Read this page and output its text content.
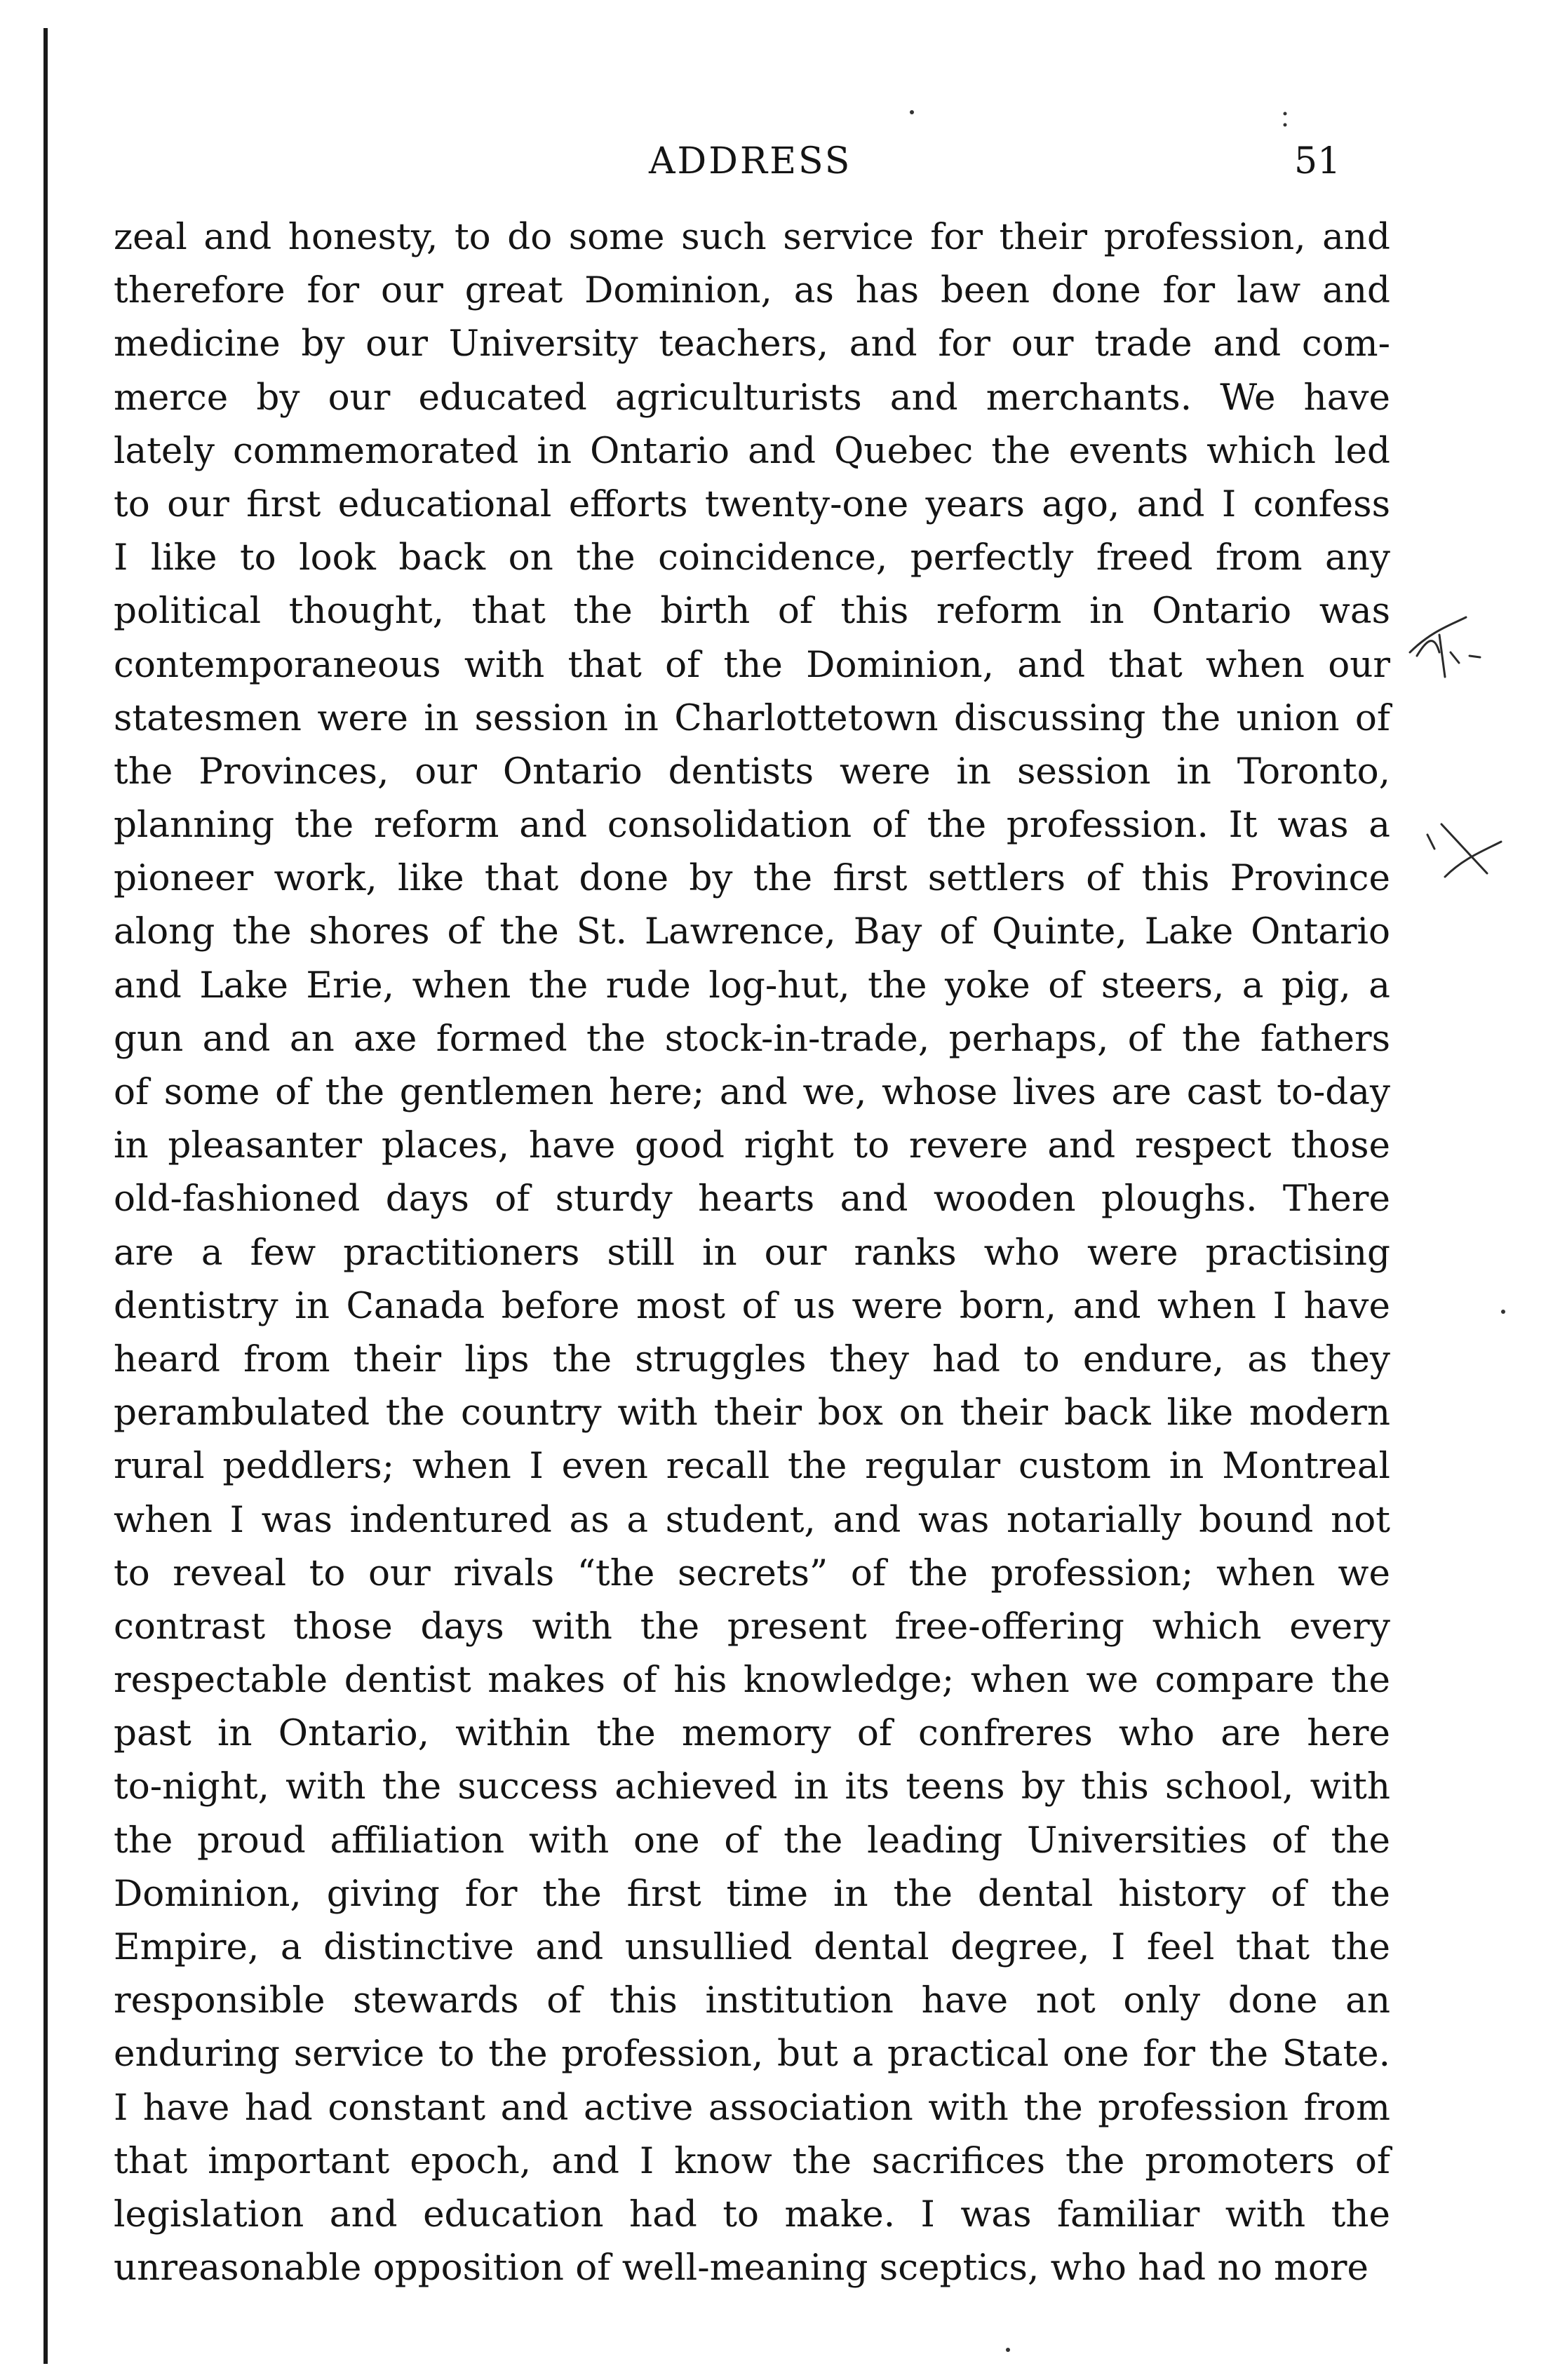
ADDRESS	51
zeal and honesty, to do some such service for their profession, and
therefore for our great Dominion, as has been done for law and
medicine by our University teachers, and for our trade and com-
merce by our educated agriculturists and merchants. We have
lately commemorated in Ontario and Quebec the events which led
to our first educational efforts twenty-one years ago, and I confess
I like to look back on the coincidence, perfectly freed from any
political thought, that the birth of this reform in Ontario was
contemporaneous with that of the Dominion, and that when our
statesmen were in session in Charlottetown discussing the union of
the Provinces, our Ontario dentists were in session in Toronto,
planning the reform and consolidation of the profession. It was a
pioneer work, like that done by the first settlers of this Province
along the shores of the St. Lawrence, Bay of Quinte, Lake Ontario
and Lake Erie, when the rude log-hut, the yoke of steers, a pig, a
gun and an axe formed the stock-in-trade, perhaps, of the fathers
of some of the gentlemen here; and we, whose lives are cast to-day
in pleasanter places, have good right to revere and respect those
old-fashioned days of sturdy hearts and wooden ploughs. There
are a few practitioners still in our ranks who were practising
dentistry in Canada before most of us were born, and when I have
heard from their lips the struggles they had to endure, as they
perambulated the country with their box on their back like modern
rural peddlers; when I even recall the regular custom in Montreal
when I was indentured as a student, and was notarially bound not
to reveal to our rivals “the secrets” of the profession; when we
contrast those days with the present free-offering which every
respectable dentist makes of his knowledge; when we compare the
past in Ontario, within the memory of confreres who are here
to-night, with the success achieved in its teens by this school, with
the proud affiliation with one of the leading Universities of the
Dominion, giving for the first time in the dental history of the
Empire, a distinctive and unsullied dental degree, I feel that the
responsible stewards of this institution have not only done an
enduring service to the profession, but a practical one for the State.
I have had constant and active association with the profession from
that important epoch, and I know the sacrifices the promoters of
legislation and education had to make. I was familiar with the
unreasonable opposition of well-meaning sceptics, who had no more
